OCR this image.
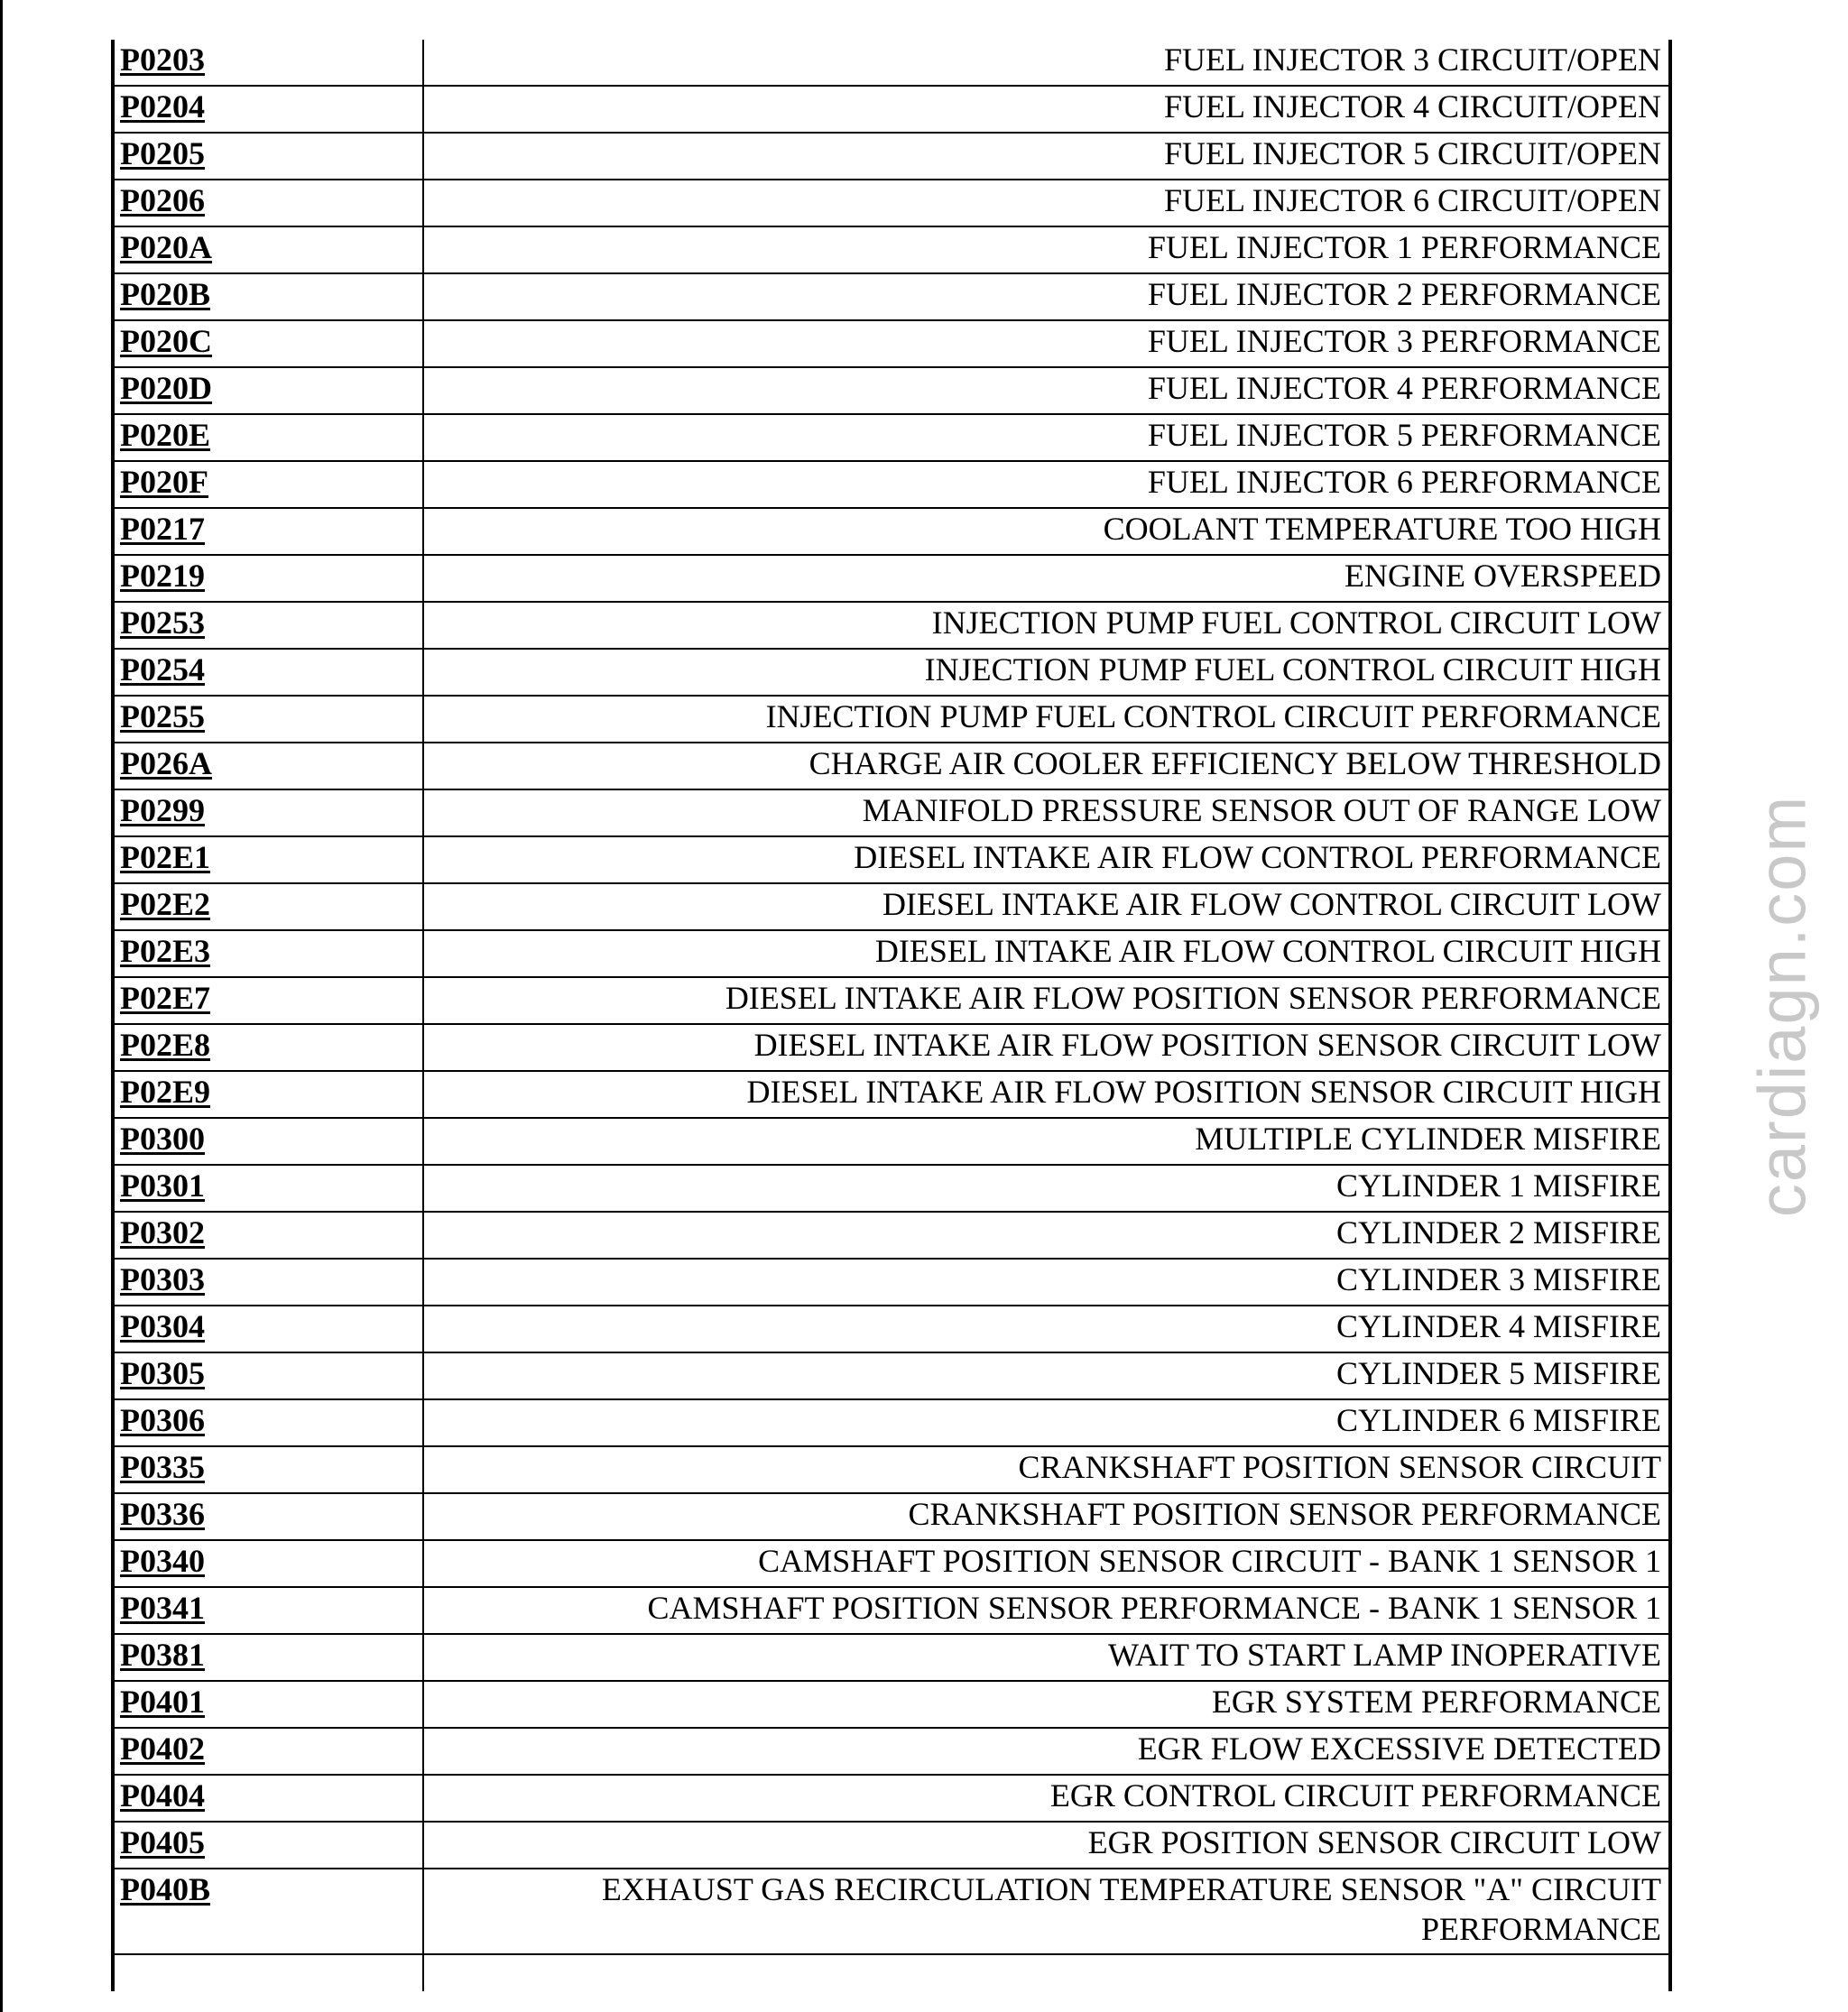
P0203	FUEL INJECTOR 3 CIRCUIT/OPEN
P0204	FUEL INJECTOR 4 CIRCUIT/OPEN
P0205	FUEL INJECTOR 5 CIRCUIT/OPEN
P0206	FUEL INJECTOR 6 CIRCUIT/OPEN
P020A	FUEL INJECTOR 1 PERFORMANCE
P020B	FUEL INJECTOR 2 PERFORMANCE
P020C	FUEL INJECTOR 3 PERFORMANCE
P020D	FUEL INJECTOR 4 PERFORMANCE
P020E	FUEL INJECTOR 5 PERFORMANCE
P020F	FUEL INJECTOR 6 PERFORMANCE
P0217	COOLANT TEMPERATURE TOO HIGH
P0219	ENGINE OVERSPEED
P0253	INJECTION PUMP FUEL CONTROL CIRCUIT LOW
P0254	INJECTION PUMP FUEL CONTROL CIRCUIT HIGH
P0255	INJECTION PUMP FUEL CONTROL CIRCUIT PERFORMANCE
P026A	CHARGE AIR COOLER EFFICIENCY BELOW THRESHOLD
P0299	MANIFOLD PRESSURE SENSOR OUT OF RANGE LOW
P02E1	DIESEL INTAKE AIR FLOW CONTROL PERFORMANCE
P02E2	DIESEL INTAKE AIR FLOW CONTROL CIRCUIT LOW
P02E3	DIESEL INTAKE AIR FLOW CONTROL CIRCUIT HIGH
P02E7	DIESEL INTAKE AIR FLOW POSITION SENSOR PERFORMANCE
P02E8	DIESEL INTAKE AIR FLOW POSITION SENSOR CIRCUIT LOW
P02E9	DIESEL INTAKE AIR FLOW POSITION SENSOR CIRCUIT HIGH
P0300	MULTIPLE CYLINDER MISFIRE
P0301	CYLINDER 1 MISFIRE
P0302	CYLINDER 2 MISFIRE
P0303	CYLINDER 3 MISFIRE
P0304	CYLINDER 4 MISFIRE
P0305	CYLINDER 5 MISFIRE
P0306	CYLINDER 6 MISFIRE
P0335	CRANKSHAFT POSITION SENSOR CIRCUIT
P0336	CRANKSHAFT POSITION SENSOR PERFORMANCE
P0340	CAMSHAFT POSITION SENSOR CIRCUIT - BANK 1 SENSOR 1
P0341	CAMSHAFT POSITION SENSOR PERFORMANCE - BANK 1 SENSOR 1
P0381	WAIT TO START LAMP INOPERATIVE
P0401	EGR SYSTEM PERFORMANCE
P0402	EGR FLOW EXCESSIVE DETECTED
P0404	EGR CONTROL CIRCUIT PERFORMANCE
P0405	EGR POSITION SENSOR CIRCUIT LOW
P040B	EXHAUST GAS RECIRCULATION TEMPERATURE SENSOR "A" CIRCUIT PERFORMANCE

cardiagn.com
